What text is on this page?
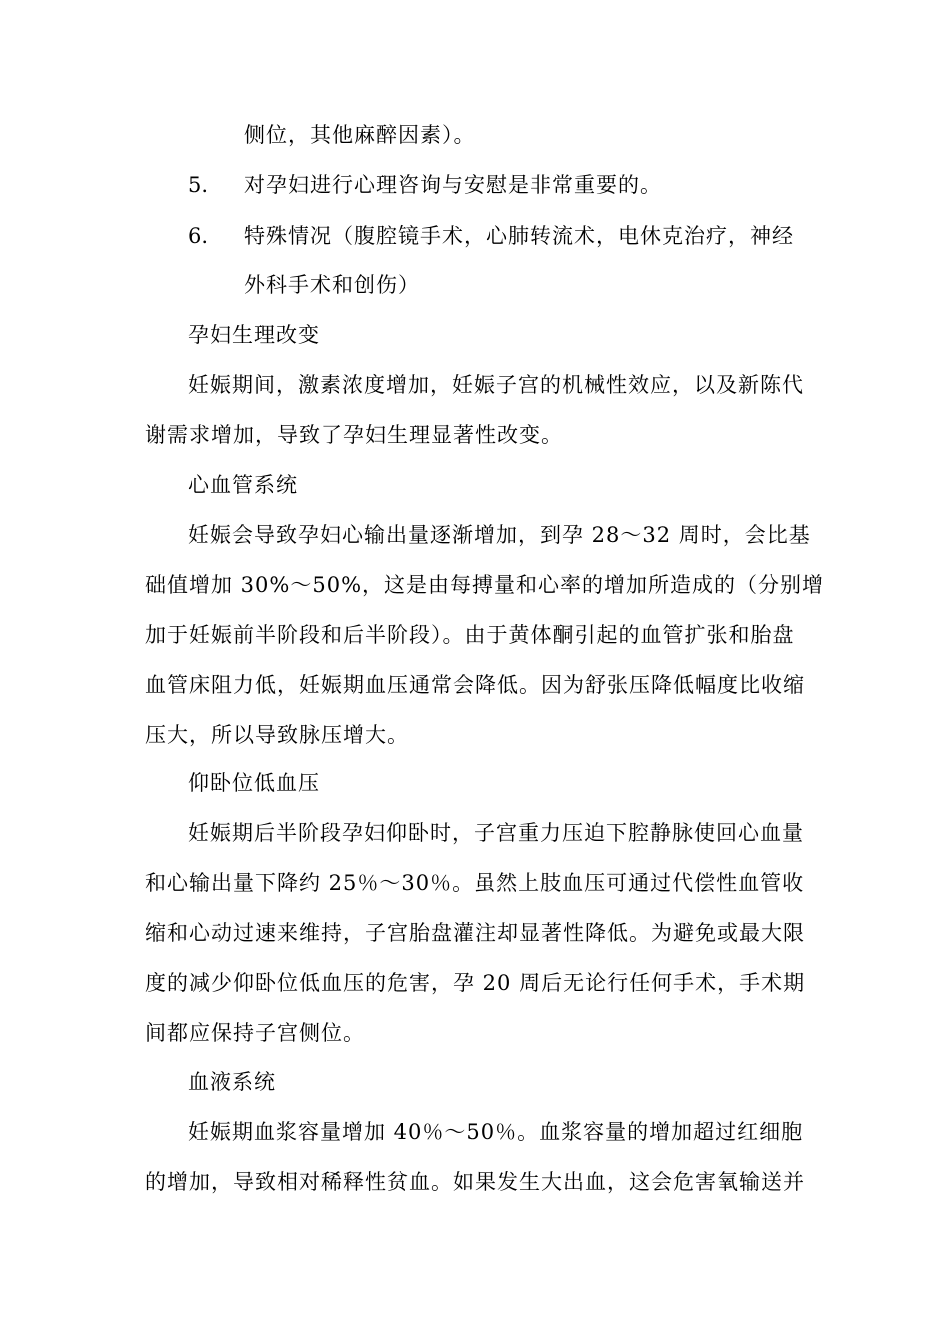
侧位，其他麻醉因素）。
5. 对孕妇进行心理咨询与安慰是非常重要的。
6. 特殊情况（腹腔镜手术，心肺转流术，电休克治疗，神经
外科手术和创伤）
孕妇生理改变
妊娠期间，激素浓度增加，妊娠子宫的机械性效应，以及新陈代
谢需求增加，导致了孕妇生理显著性改变。
心血管系统
妊娠会导致孕妇心输出量逐渐增加，到孕 28～32 周时，会比基
础值增加 30%～50%，这是由每搏量和心率的增加所造成的（分别增
加于妊娠前半阶段和后半阶段）。由于黄体酮引起的血管扩张和胎盘
血管床阻力低，妊娠期血压通常会降低。因为舒张压降低幅度比收缩
压大，所以导致脉压增大。
仰卧位低血压
妊娠期后半阶段孕妇仰卧时，子宫重力压迫下腔静脉使回心血量
和心输出量下降约 25％～30％。虽然上肢血压可通过代偿性血管收
缩和心动过速来维持，子宫胎盘灌注却显著性降低。为避免或最大限
度的减少仰卧位低血压的危害，孕 20 周后无论行任何手术，手术期
间都应保持子宫侧位。
血液系统
妊娠期血浆容量增加 40％～50％。血浆容量的增加超过红细胞
的增加，导致相对稀释性贫血。如果发生大出血，这会危害氧输送并
